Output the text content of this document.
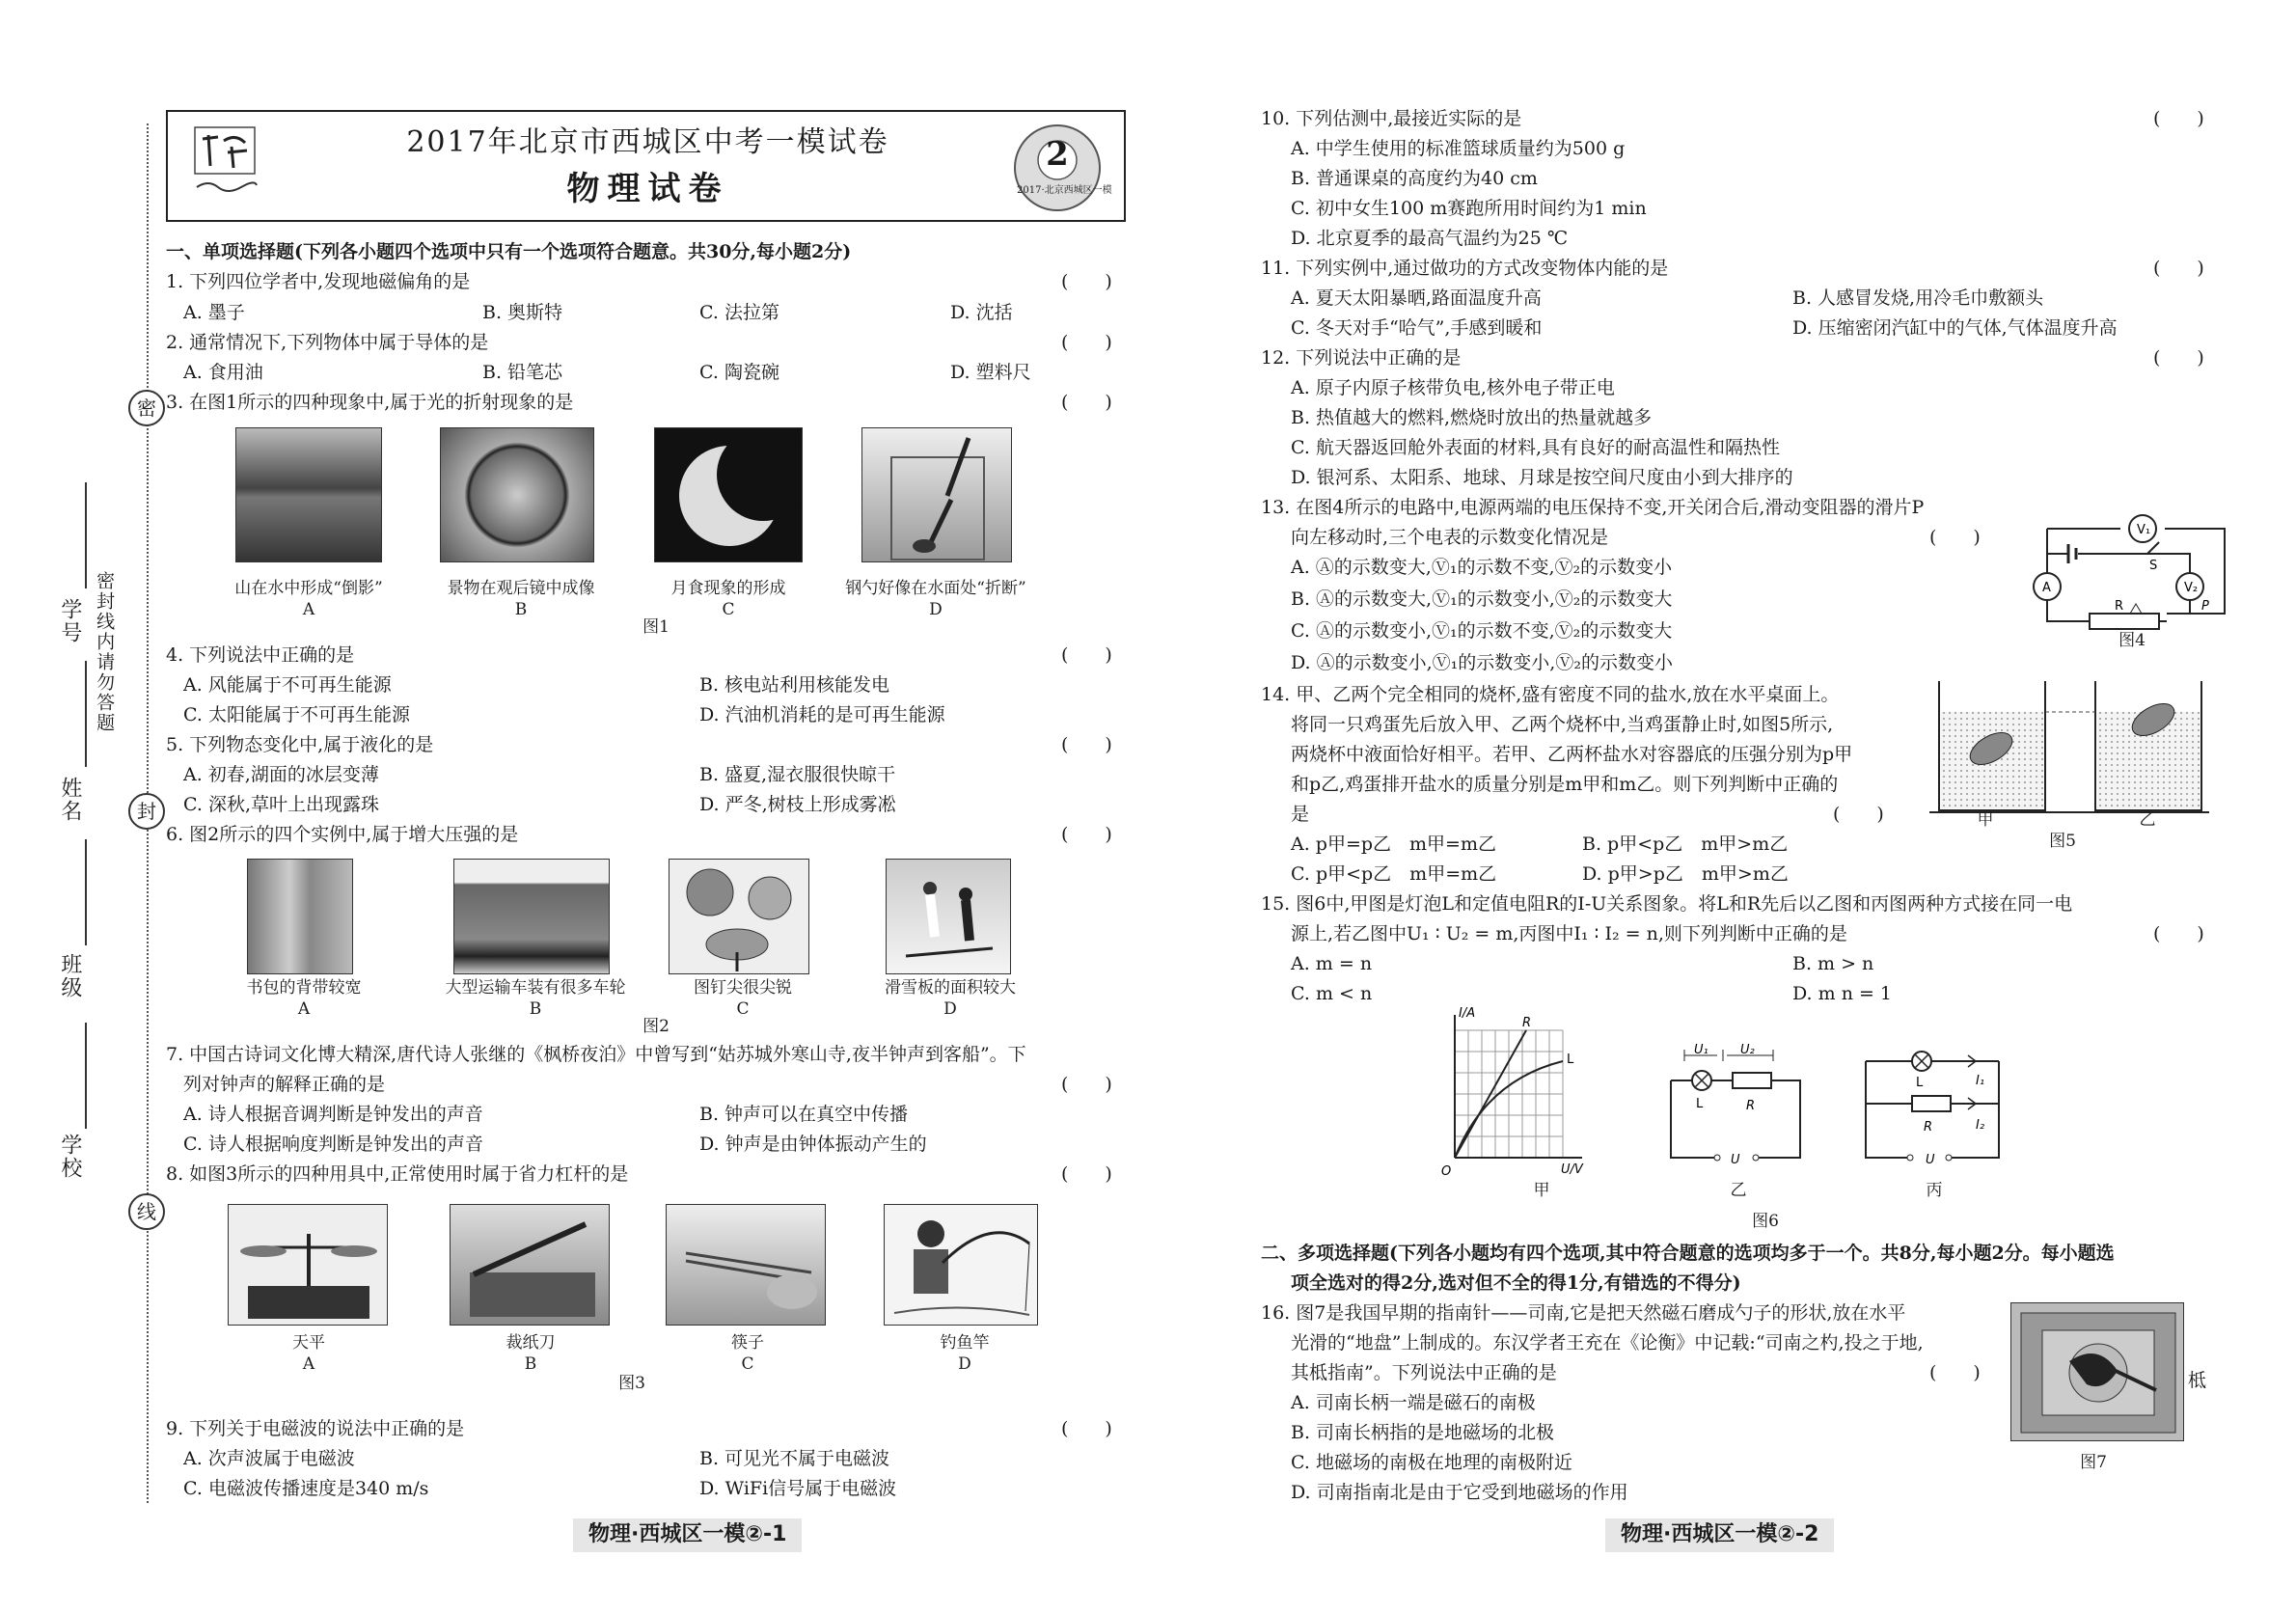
密
封
线
密封线内请勿答题
学号
姓名
班级
学校
2017年北京市西城区中考一模试卷
物理试卷
2
2017·北京西城区一模
一、单项选择题(下列各小题四个选项中只有一个选项符合题意。共30分,每小题2分)
1. 下列四位学者中,发现地磁偏角的是	(　　)
A. 墨子	B. 奥斯特	C. 法拉第	D. 沈括
2. 通常情况下,下列物体中属于导体的是	(　　)
A. 食用油	B. 铅笔芯	C. 陶瓷碗	D. 塑料尺
3. 在图1所示的四种现象中,属于光的折射现象的是	(　　)
山在水中形成“倒影”	景物在观后镜中成像	月食现象的形成	钢勺好像在水面处“折断”
A	B	C	D
图1
4. 下列说法中正确的是	(　　)
A. 风能属于不可再生能源	B. 核电站利用核能发电
C. 太阳能属于不可再生能源	D. 汽油机消耗的是可再生能源
5. 下列物态变化中,属于液化的是	(　　)
A. 初春,湖面的冰层变薄	B. 盛夏,湿衣服很快晾干
C. 深秋,草叶上出现露珠	D. 严冬,树枝上形成雾凇
6. 图2所示的四个实例中,属于增大压强的是	(　　)
书包的背带较宽	大型运输车装有很多车轮	图钉尖很尖锐	滑雪板的面积较大
A	B	C	D
图2
7. 中国古诗词文化博大精深,唐代诗人张继的《枫桥夜泊》中曾写到“姑苏城外寒山寺,夜半钟声到客船”。下
列对钟声的解释正确的是	(　　)
A. 诗人根据音调判断是钟发出的声音	B. 钟声可以在真空中传播
C. 诗人根据响度判断是钟发出的声音	D. 钟声是由钟体振动产生的
8. 如图3所示的四种用具中,正常使用时属于省力杠杆的是	(　　)
天平	裁纸刀	筷子	钓鱼竿
A	B	C	D
图3
9. 下列关于电磁波的说法中正确的是	(　　)
A. 次声波属于电磁波	B. 可见光不属于电磁波
C. 电磁波传播速度是340 m/s	D. WiFi信号属于电磁波
物理·西城区一模②-1
10. 下列估测中,最接近实际的是	(　　)
A. 中学生使用的标准篮球质量约为500 g
B. 普通课桌的高度约为40 cm
C. 初中女生100 m赛跑所用时间约为1 min
D. 北京夏季的最高气温约为25 ℃
11. 下列实例中,通过做功的方式改变物体内能的是	(　　)
A. 夏天太阳暴晒,路面温度升高	B. 人感冒发烧,用冷毛巾敷额头
C. 冬天对手“哈气”,手感到暖和	D. 压缩密闭汽缸中的气体,气体温度升高
12. 下列说法中正确的是	(　　)
A. 原子内原子核带负电,核外电子带正电
B. 热值越大的燃料,燃烧时放出的热量就越多
C. 航天器返回舱外表面的材料,具有良好的耐高温性和隔热性
D. 银河系、太阳系、地球、月球是按空间尺度由小到大排序的
13. 在图4所示的电路中,电源两端的电压保持不变,开关闭合后,滑动变阻器的滑片P
向左移动时,三个电表的示数变化情况是	(　　)
A. Ⓐ的示数变大,Ⓥ₁的示数不变,Ⓥ₂的示数变小
B. Ⓐ的示数变大,Ⓥ₁的示数变小,Ⓥ₂的示数变大
C. Ⓐ的示数变小,Ⓥ₁的示数不变,Ⓥ₂的示数变大
D. Ⓐ的示数变小,Ⓥ₁的示数变小,Ⓥ₂的示数变小
V₁
A	V₂
S
R	P
图4
14. 甲、乙两个完全相同的烧杯,盛有密度不同的盐水,放在水平桌面上。
将同一只鸡蛋先后放入甲、乙两个烧杯中,当鸡蛋静止时,如图5所示,
两烧杯中液面恰好相平。若甲、乙两杯盐水对容器底的压强分别为p甲
和p乙,鸡蛋排开盐水的质量分别是m甲和m乙。则下列判断中正确的
是	(　　)
A. p甲=p乙　m甲=m乙	B. p甲<p乙　m甲>m乙
C. p甲<p乙　m甲=m乙	D. p甲>p乙　m甲>m乙
甲	乙
图5
15. 图6中,甲图是灯泡L和定值电阻R的I-U关系图象。将L和R先后以乙图和丙图两种方式接在同一电
源上,若乙图中U₁ ∶ U₂ = m,丙图中I₁ ∶ I₂ = n,则下列判断中正确的是	(　　)
A. m = n	B. m > n
C. m < n	D. m n = 1
I/A
U/V
O
R
L
甲
U₁	U₂
L	R
U
乙
L	I₁
R	I₂
U
丙
图6
二、多项选择题(下列各小题均有四个选项,其中符合题意的选项均多于一个。共8分,每小题2分。每小题选
项全选对的得2分,选对但不全的得1分,有错选的不得分)
16. 图7是我国早期的指南针——司南,它是把天然磁石磨成勺子的形状,放在水平
光滑的“地盘”上制成的。东汉学者王充在《论衡》中记载:“司南之杓,投之于地,
其柢指南”。下列说法中正确的是	(　　)
A. 司南长柄一端是磁石的南极
B. 司南长柄指的是地磁场的北极
C. 地磁场的南极在地理的南极附近
D. 司南指南北是由于它受到地磁场的作用
柢
图7
物理·西城区一模②-2
